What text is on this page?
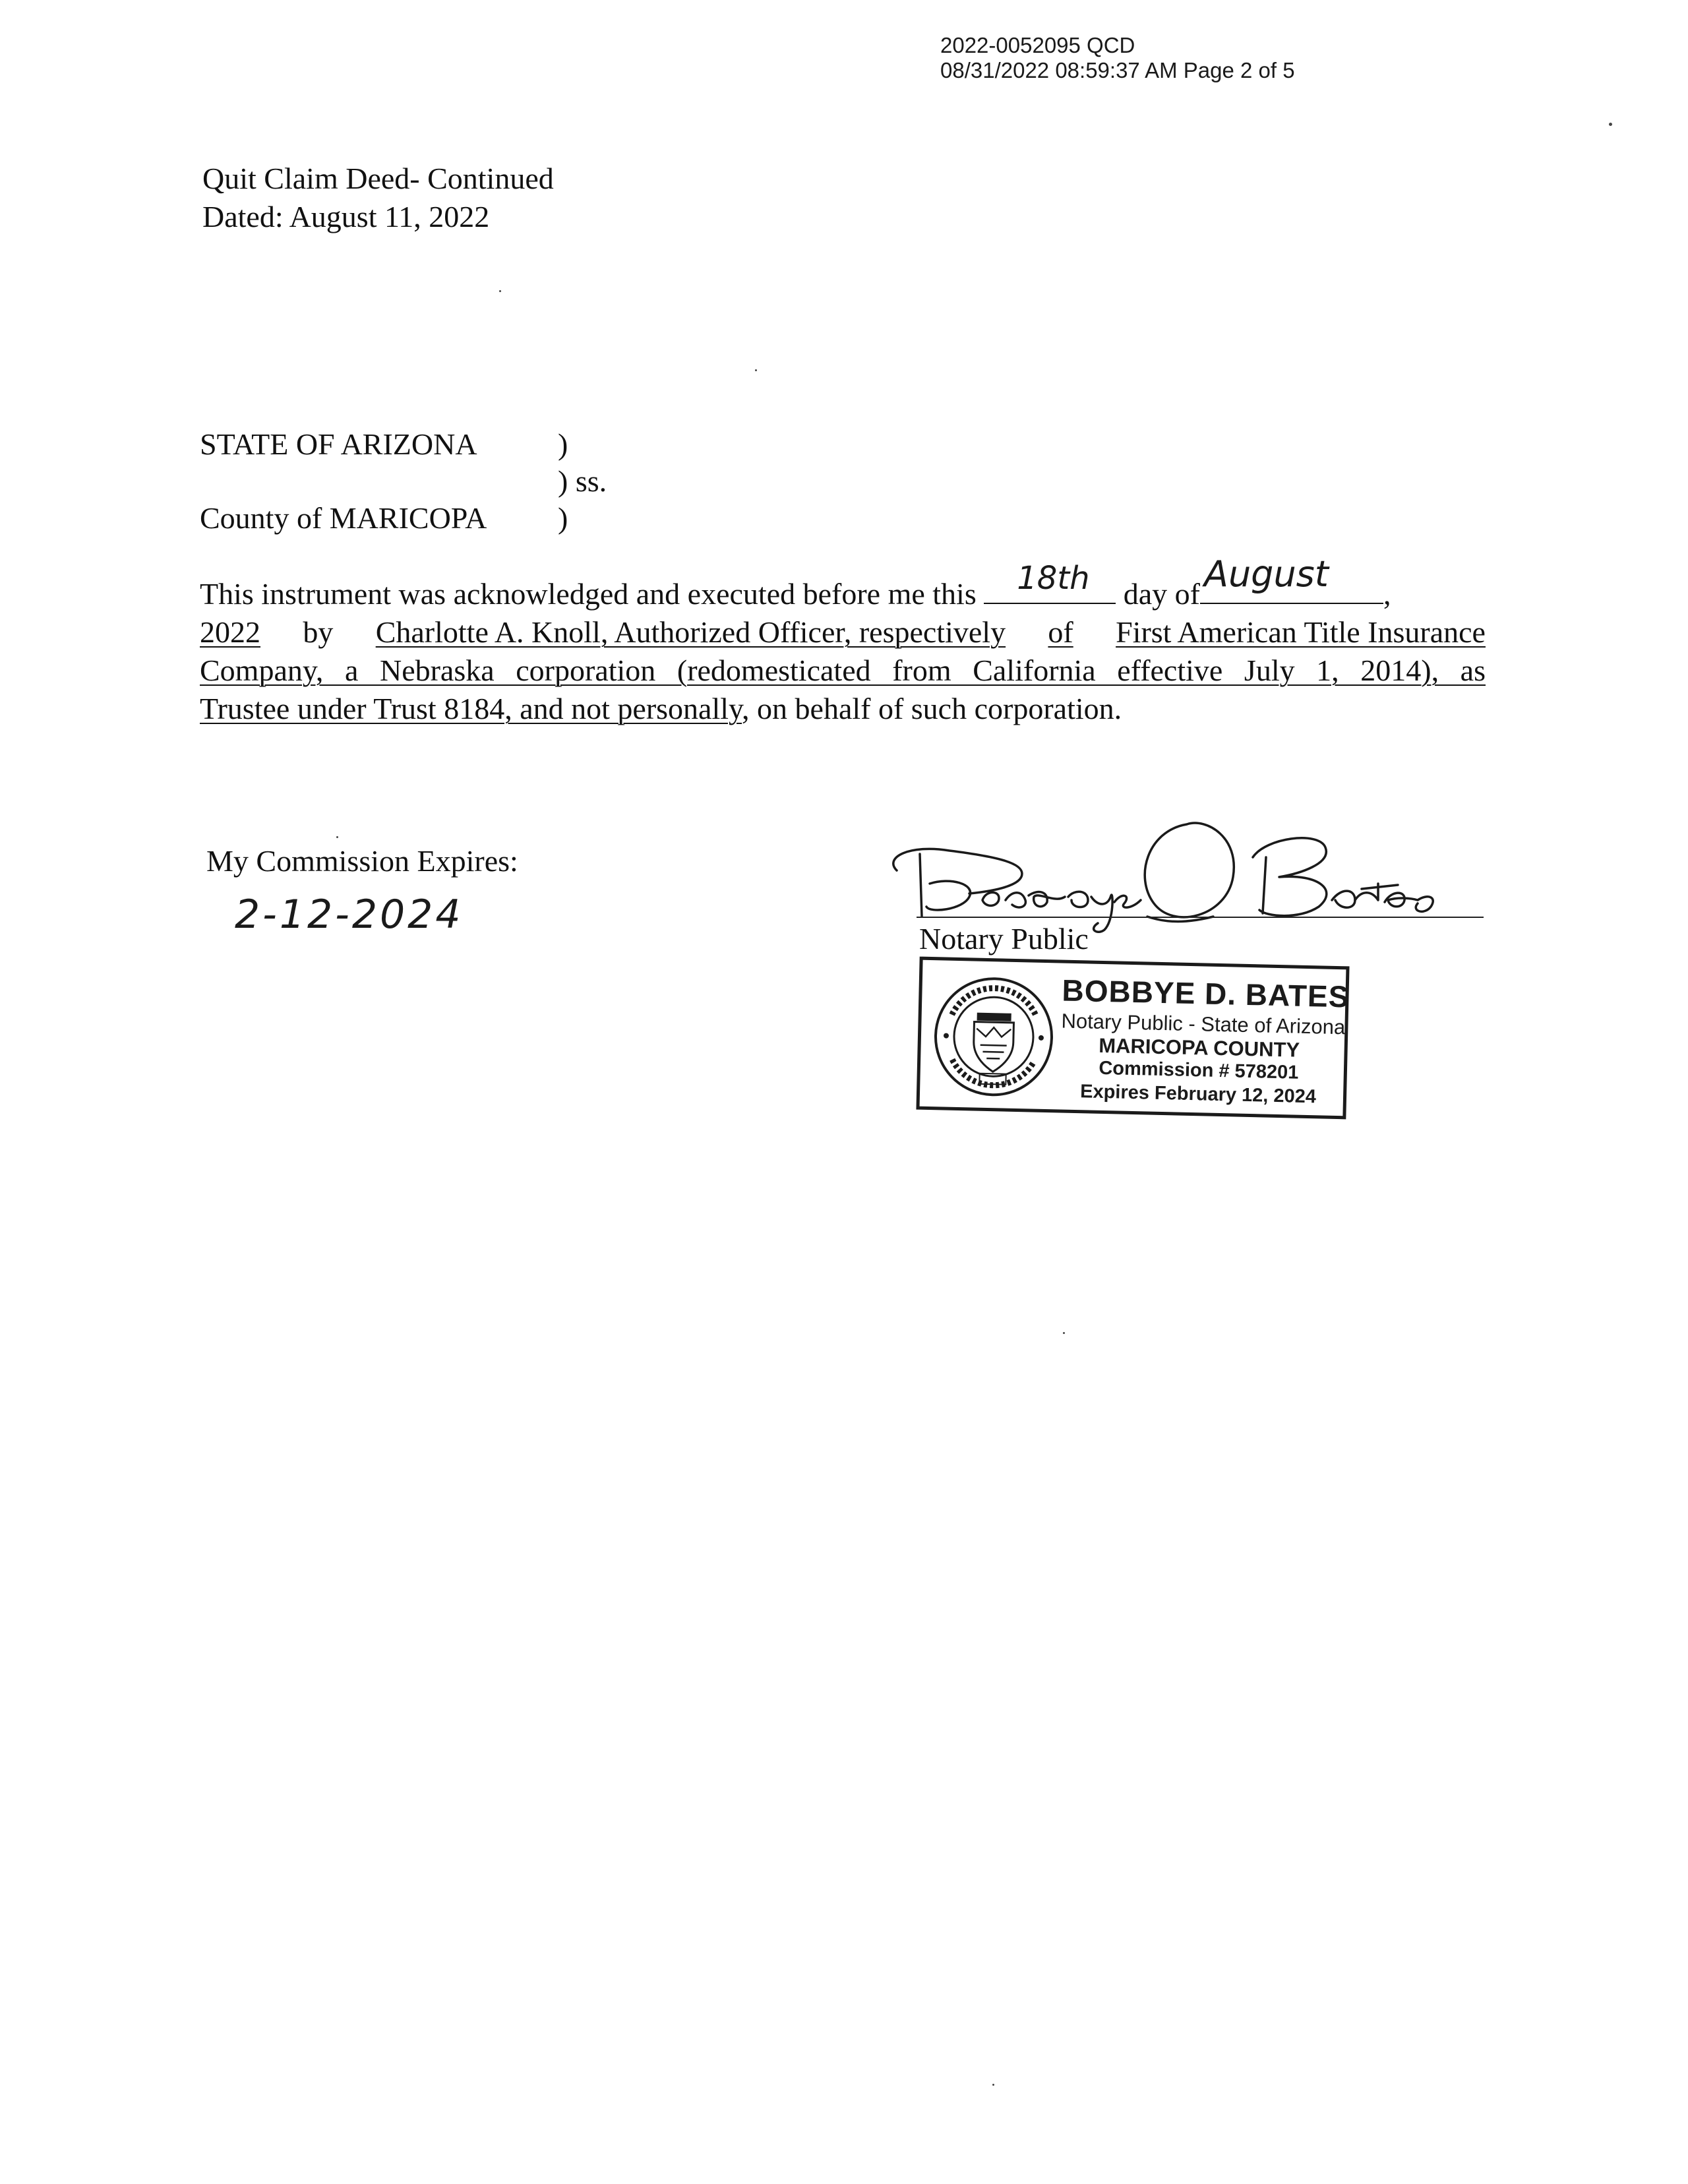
2022-0052095 QCD
08/31/2022 08:59:37 AM Page 2 of 5
Quit Claim Deed- Continued
Dated: August 11, 2022
STATE OF ARIZONA	)
) ss.
County of MARICOPA )
This instrument was acknowledged and executed before me this 18th day of August ,
2022 by Charlotte A. Knoll, Authorized Officer, respectively of First American Title Insurance
Company, a Nebraska corporation (redomesticated from California effective July 1, 2014), as
Trustee under Trust 8184, and not personally, on behalf of such corporation.
My Commission Expires:
2-12-2024
Notary Public
BOBBYE D. BATES
Notary Public - State of Arizona
MARICOPA COUNTY
Commission # 578201
Expires February 12, 2024
